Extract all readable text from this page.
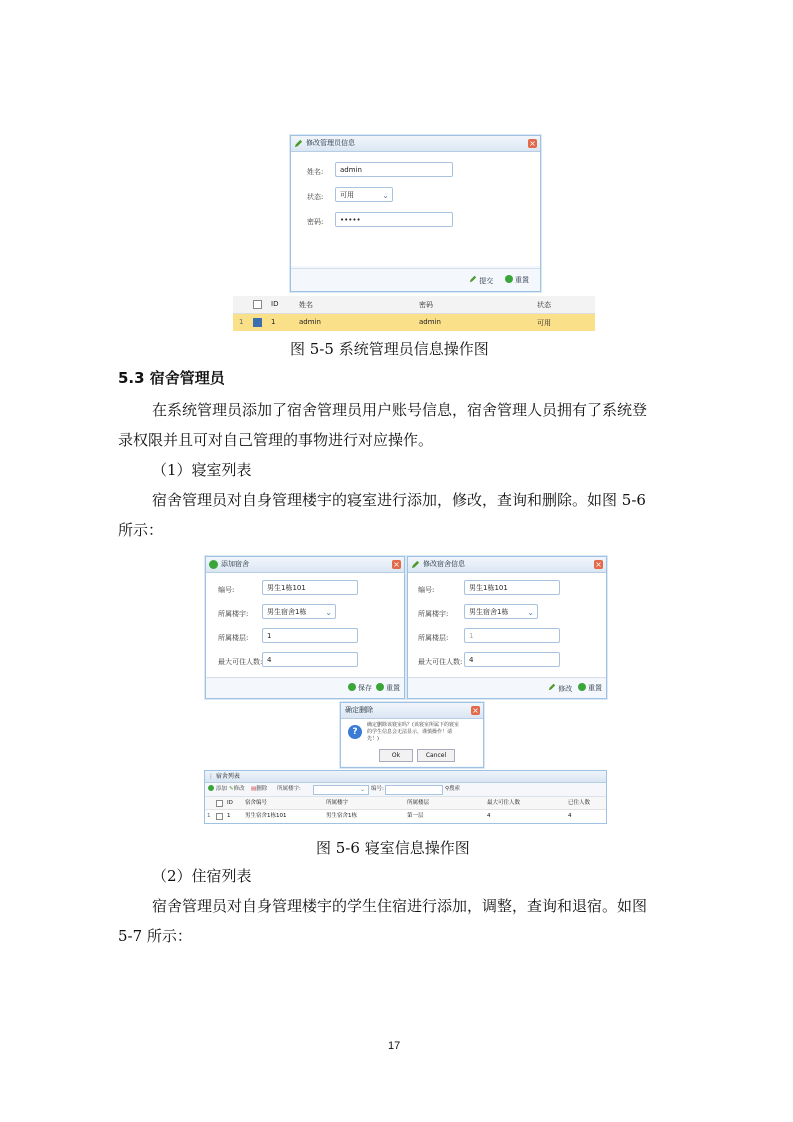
修改管理员信息	×
姓名:	admin
状态:	可用	⌄
密码:	•••••
提交	重置
ID	姓名	密码	状态
1	1	admin	admin	可用
图 5-5 系统管理员信息操作图
5.3 宿舍管理员
在系统管理员添加了宿舍管理员用户账号信息，宿舍管理人员拥有了系统登
录权限并且可对自己管理的事物进行对应操作。
（1）寝室列表
宿舍管理员对自身管理楼宇的寝室进行添加，修改，查询和删除。如图 5-6
所示：
添加宿舍	×
编号:	男生1栋101
所属楼宇:	男生宿舍1栋 ⌄
所属楼层:	1
最大可住人数: 4
保存	重置
修改宿舍信息	×
编号:	男生1栋101
所属楼宇:	男生宿舍1栋 ⌄
所属楼层:	1
最大可住人数: 4
修改	重置
确定删除	×
?
确定删除该寝室吗？(该寝室所属下的寝室
的学生信息会无法显示，谨慎操作！请
先！)
Ok	Cancel
⋮ 宿舍列表
添加 ✎修改 ▤删除 所属楼宇:	⌄ 编号:	⚲搜索
ID 宿舍编号	所属楼宇	所属楼层	最大可住人数	已住人数
1	1	男生宿舍1栋101	男生宿舍1栋	第一层	4	4
图 5-6 寝室信息操作图
（2）住宿列表
宿舍管理员对自身管理楼宇的学生住宿进行添加，调整，查询和退宿。如图
5-7 所示：
17
